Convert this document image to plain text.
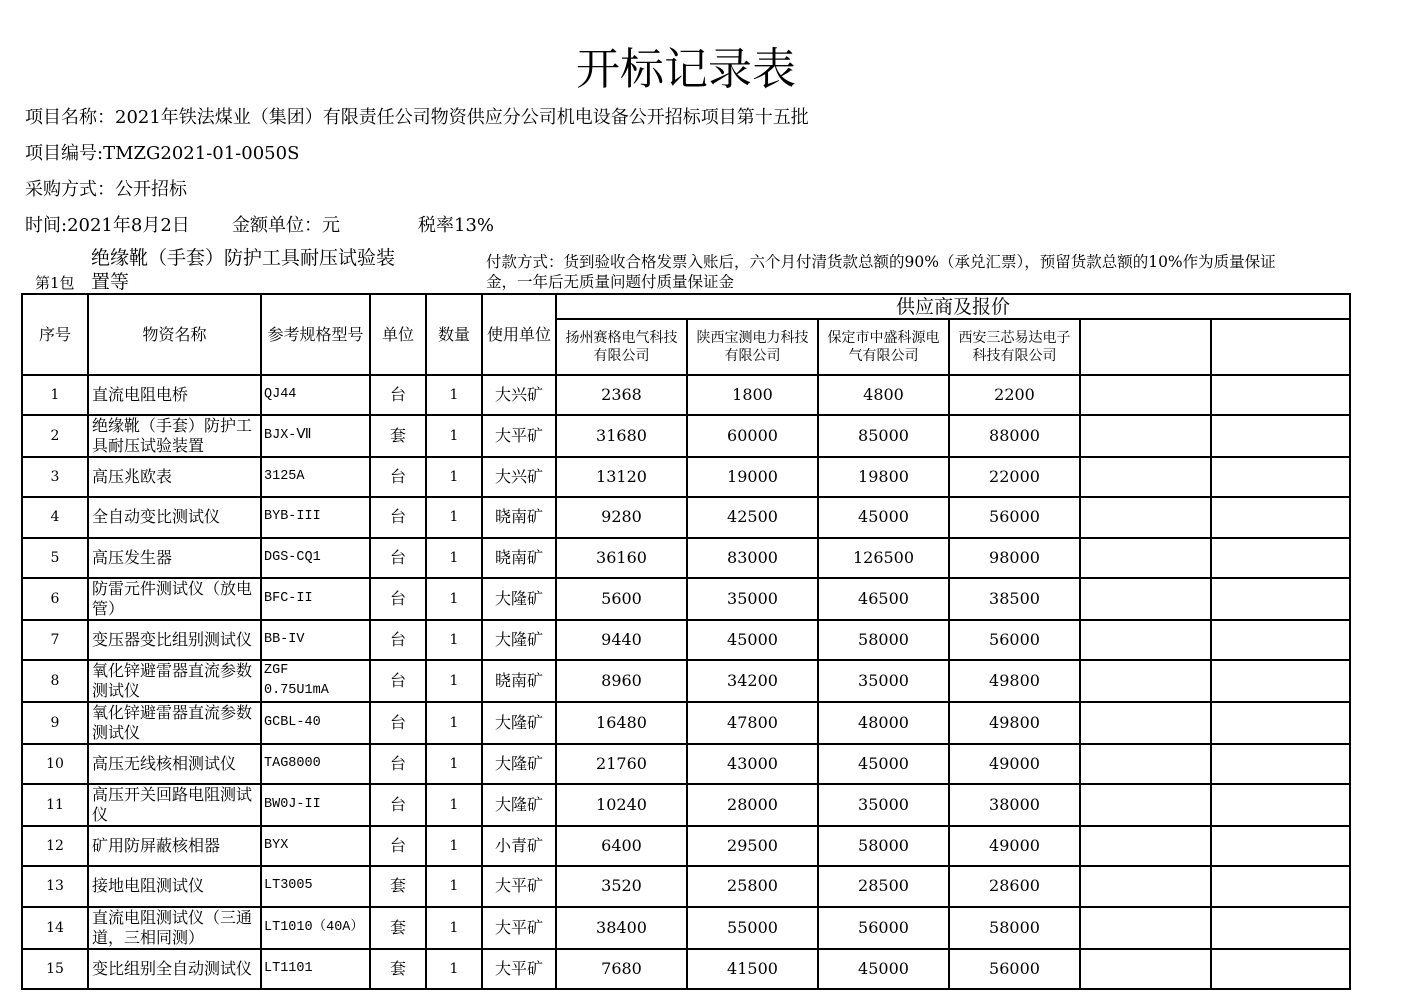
开标记录表
项目名称：2021年铁法煤业（集团）有限责任公司物资供应分公司机电设备公开招标项目第十五批
项目编号:TMZG2021-01-0050S
采购方式：公开招标
时间:2021年8月2日 金额单位：元	税率13%
第1包
绝缘靴（手套）防护工具耐压试验装
置等
付款方式：货到验收合格发票入账后，六个月付清货款总额的90%（承兑汇票），预留货款总额的10%作为质量保证
金，一年后无质量问题付质量保证金
序号	物资名称	参考规格型号	单位	数量	使用单位	供应商及报价					
						扬州赛格电气科技
有限公司	陕西宝测电力科技
有限公司	保定市中盛科源电
气有限公司	西安三芯易达电子
科技有限公司		
1	直流电阻电桥	QJ44	台	1	大兴矿	2368	1800	4800	2200		
2	绝缘靴（手套）防护工
具耐压试验装置	BJX-Ⅶ	套	1	大平矿	31680	60000	85000	88000		
3	高压兆欧表	3125A	台	1	大兴矿	13120	19000	19800	22000		
4	全自动变比测试仪	BYB-III	台	1	晓南矿	9280	42500	45000	56000		
5	高压发生器	DGS-CQ1	台	1	晓南矿	36160	83000	126500	98000		
6	防雷元件测试仪（放电
管）	BFC-II	台	1	大隆矿	5600	35000	46500	38500		
7	变压器变比组别测试仪	BB-IV	台	1	大隆矿	9440	45000	58000	56000		
8	氧化锌避雷器直流参数
测试仪	ZGF
0.75U1mA	台	1	晓南矿	8960	34200	35000	49800		
9	氧化锌避雷器直流参数
测试仪	GCBL-40	台	1	大隆矿	16480	47800	48000	49800		
10	高压无线核相测试仪	TAG8000	台	1	大隆矿	21760	43000	45000	49000		
11	高压开关回路电阻测试
仪	BW0J-II	台	1	大隆矿	10240	28000	35000	38000		
12	矿用防屏蔽核相器	BYX	台	1	小青矿	6400	29500	58000	49000		
13	接地电阻测试仪	LT3005	套	1	大平矿	3520	25800	28500	28600		
14	直流电阻测试仪（三通
道，三相同测）	LT1010（40A）	套	1	大平矿	38400	55000	56000	58000		
15	变比组别全自动测试仪	LT1101	套	1	大平矿	7680	41500	45000	56000		
